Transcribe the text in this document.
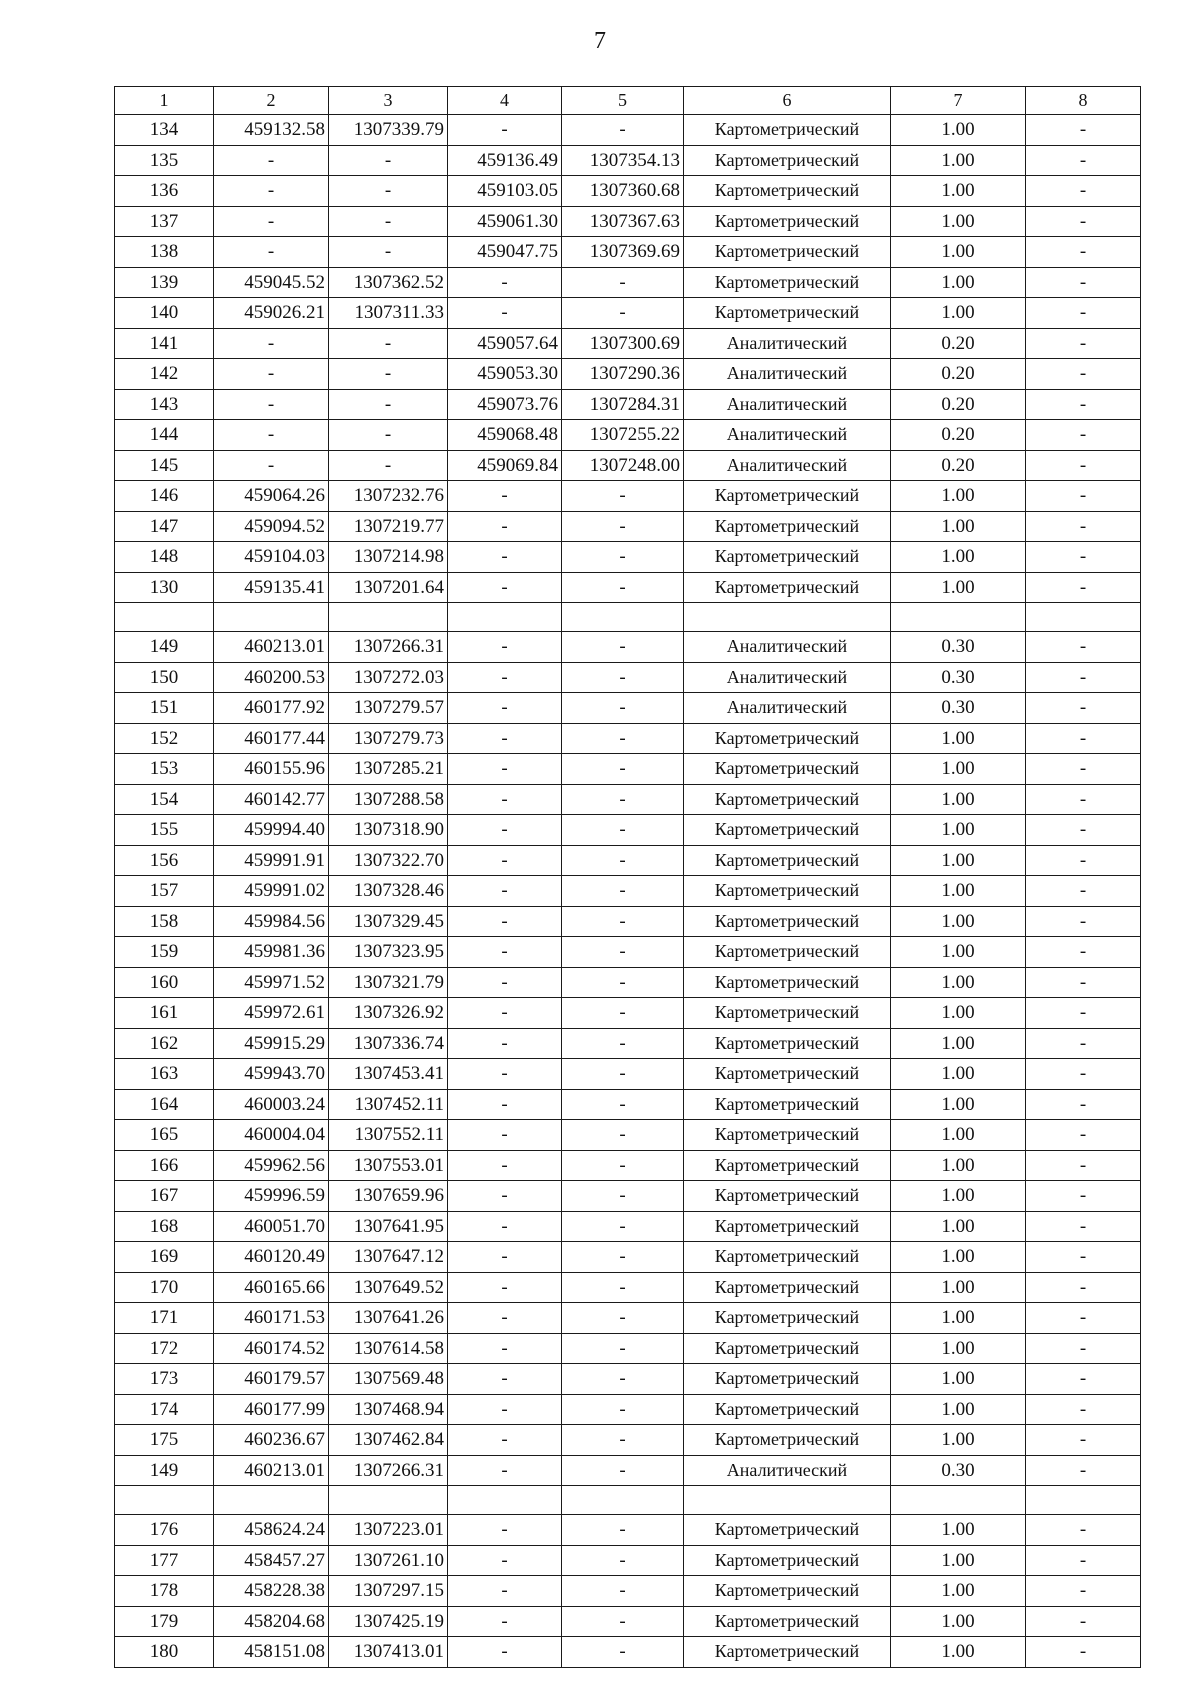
7
1	2	3	4	5	6	7	8
134	459132.58	1307339.79	-	-	Картометрический	1.00	-
135	-	-	459136.49	1307354.13	Картометрический	1.00	-
136	-	-	459103.05	1307360.68	Картометрический	1.00	-
137	-	-	459061.30	1307367.63	Картометрический	1.00	-
138	-	-	459047.75	1307369.69	Картометрический	1.00	-
139	459045.52	1307362.52	-	-	Картометрический	1.00	-
140	459026.21	1307311.33	-	-	Картометрический	1.00	-
141	-	-	459057.64	1307300.69	Аналитический	0.20	-
142	-	-	459053.30	1307290.36	Аналитический	0.20	-
143	-	-	459073.76	1307284.31	Аналитический	0.20	-
144	-	-	459068.48	1307255.22	Аналитический	0.20	-
145	-	-	459069.84	1307248.00	Аналитический	0.20	-
146	459064.26	1307232.76	-	-	Картометрический	1.00	-
147	459094.52	1307219.77	-	-	Картометрический	1.00	-
148	459104.03	1307214.98	-	-	Картометрический	1.00	-
130	459135.41	1307201.64	-	-	Картометрический	1.00	-

149	460213.01	1307266.31	-	-	Аналитический	0.30	-
150	460200.53	1307272.03	-	-	Аналитический	0.30	-
151	460177.92	1307279.57	-	-	Аналитический	0.30	-
152	460177.44	1307279.73	-	-	Картометрический	1.00	-
153	460155.96	1307285.21	-	-	Картометрический	1.00	-
154	460142.77	1307288.58	-	-	Картометрический	1.00	-
155	459994.40	1307318.90	-	-	Картометрический	1.00	-
156	459991.91	1307322.70	-	-	Картометрический	1.00	-
157	459991.02	1307328.46	-	-	Картометрический	1.00	-
158	459984.56	1307329.45	-	-	Картометрический	1.00	-
159	459981.36	1307323.95	-	-	Картометрический	1.00	-
160	459971.52	1307321.79	-	-	Картометрический	1.00	-
161	459972.61	1307326.92	-	-	Картометрический	1.00	-
162	459915.29	1307336.74	-	-	Картометрический	1.00	-
163	459943.70	1307453.41	-	-	Картометрический	1.00	-
164	460003.24	1307452.11	-	-	Картометрический	1.00	-
165	460004.04	1307552.11	-	-	Картометрический	1.00	-
166	459962.56	1307553.01	-	-	Картометрический	1.00	-
167	459996.59	1307659.96	-	-	Картометрический	1.00	-
168	460051.70	1307641.95	-	-	Картометрический	1.00	-
169	460120.49	1307647.12	-	-	Картометрический	1.00	-
170	460165.66	1307649.52	-	-	Картометрический	1.00	-
171	460171.53	1307641.26	-	-	Картометрический	1.00	-
172	460174.52	1307614.58	-	-	Картометрический	1.00	-
173	460179.57	1307569.48	-	-	Картометрический	1.00	-
174	460177.99	1307468.94	-	-	Картометрический	1.00	-
175	460236.67	1307462.84	-	-	Картометрический	1.00	-
149	460213.01	1307266.31	-	-	Аналитический	0.30	-

176	458624.24	1307223.01	-	-	Картометрический	1.00	-
177	458457.27	1307261.10	-	-	Картометрический	1.00	-
178	458228.38	1307297.15	-	-	Картометрический	1.00	-
179	458204.68	1307425.19	-	-	Картометрический	1.00	-
180	458151.08	1307413.01	-	-	Картометрический	1.00	-
